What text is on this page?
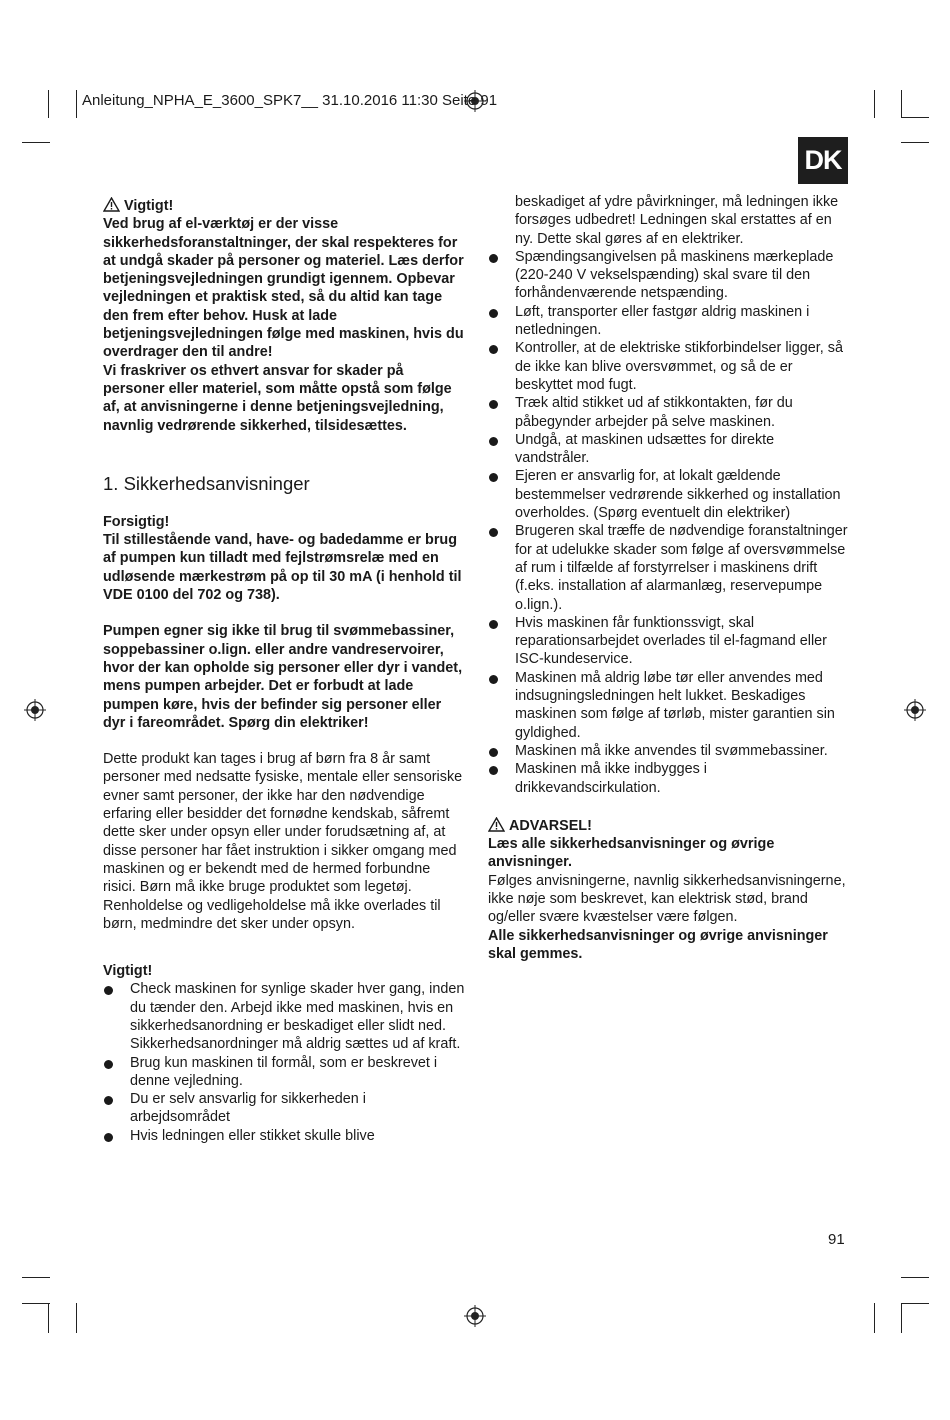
Anleitung_NPHA_E_3600_SPK7__ 31.10.2016 11:30 Seite 91
DK

Vigtigt!

Ved brug af el-værktøj er der visse sikkerhedsforanstaltninger, der skal respekteres for at undgå skader på personer og materiel. Læs derfor betjeningsvejledningen grundigt igennem. Opbevar vejledningen et praktisk sted, så du altid kan tage den frem efter behov. Husk at lade betjeningsvejledningen følge med maskinen, hvis du overdrager den til andre!

Vi fraskriver os ethvert ansvar for skader på personer eller materiel, som måtte opstå som følge af, at anvisningerne i denne betjeningsvejledning, navnlig vedrørende sikkerhed, tilsidesættes.

1. Sikkerhedsanvisninger

Forsigtig!

Til stillestående vand, have- og badedamme er brug af pumpen kun tilladt med fejlstrømsrelæ med en udløsende mærkestrøm på op til 30 mA (i henhold til VDE 0100 del 702 og 738).

Pumpen egner sig ikke til brug til svømmebassiner, soppebassiner o.lign. eller andre vandreservoirer, hvor der kan opholde sig personer eller dyr i vandet, mens pumpen arbejder. Det er forbudt at lade pumpen køre, hvis der befinder sig personer eller dyr i fareområdet. Spørg din elektriker!

Dette produkt kan tages i brug af børn fra 8 år samt personer med nedsatte fysiske, mentale eller sensoriske evner samt personer, der ikke har den nødvendige erfaring eller besidder det fornødne kendskab, såfremt dette sker under opsyn eller under forudsætning af, at disse personer har fået instruktion i sikker omgang med maskinen og er bekendt med de hermed forbundne risici. Børn må ikke bruge produktet som legetøj. Renholdelse og vedligeholdelse må ikke overlades til børn, medmindre det sker under opsyn.

Vigtigt!

Check maskinen for synlige skader hver gang, inden du tænder den. Arbejd ikke med maskinen, hvis en sikkerhedsanordning er beskadiget eller slidt ned. Sikkerhedsanordninger må aldrig sættes ud af kraft.
Brug kun maskinen til formål, som er beskrevet i denne vejledning.
Du er selv ansvarlig for sikkerheden i arbejdsområdet
Hvis ledningen eller stikket skulle blive

beskadiget af ydre påvirkninger, må ledningen ikke forsøges udbedret! Ledningen skal erstattes af en ny. Dette skal gøres af en elektriker.

Spændingsangivelsen på maskinens mærkeplade (220-240 V vekselspænding) skal svare til den forhåndenværende netspænding.
Løft, transporter eller fastgør aldrig maskinen i netledningen.
Kontroller, at de elektriske stikforbindelser ligger, så de ikke kan blive oversvømmet, og så de er beskyttet mod fugt.
Træk altid stikket ud af stikkontakten, før du påbegynder arbejder på selve maskinen.
Undgå, at maskinen udsættes for direkte vandstråler.
Ejeren er ansvarlig for, at lokalt gældende bestemmelser vedrørende sikkerhed og installation overholdes. (Spørg eventuelt din elektriker)
Brugeren skal træffe de nødvendige foranstaltninger for at udelukke skader som følge af oversvømmelse af rum i tilfælde af forstyrrelser i maskinens drift (f.eks. installation af alarmanlæg, reservepumpe o.lign.).
Hvis maskinen får funktionssvigt, skal reparationsarbejdet overlades til el-fagmand eller ISC-kundeservice.
Maskinen må aldrig løbe tør eller anvendes med indsugningsledningen helt lukket. Beskadiges maskinen som følge af tørløb, mister garantien sin gyldighed.
Maskinen må ikke anvendes til svømmebassiner.
Maskinen må ikke indbygges i drikkevandscirkulation.

ADVARSEL!

Læs alle sikkerhedsanvisninger og øvrige anvisninger.

Følges anvisningerne, navnlig sikkerhedsanvisningerne, ikke nøje som beskrevet, kan elektrisk stød, brand og/eller svære kvæstelser være følgen.

Alle sikkerhedsanvisninger og øvrige anvisninger skal gemmes.

91
